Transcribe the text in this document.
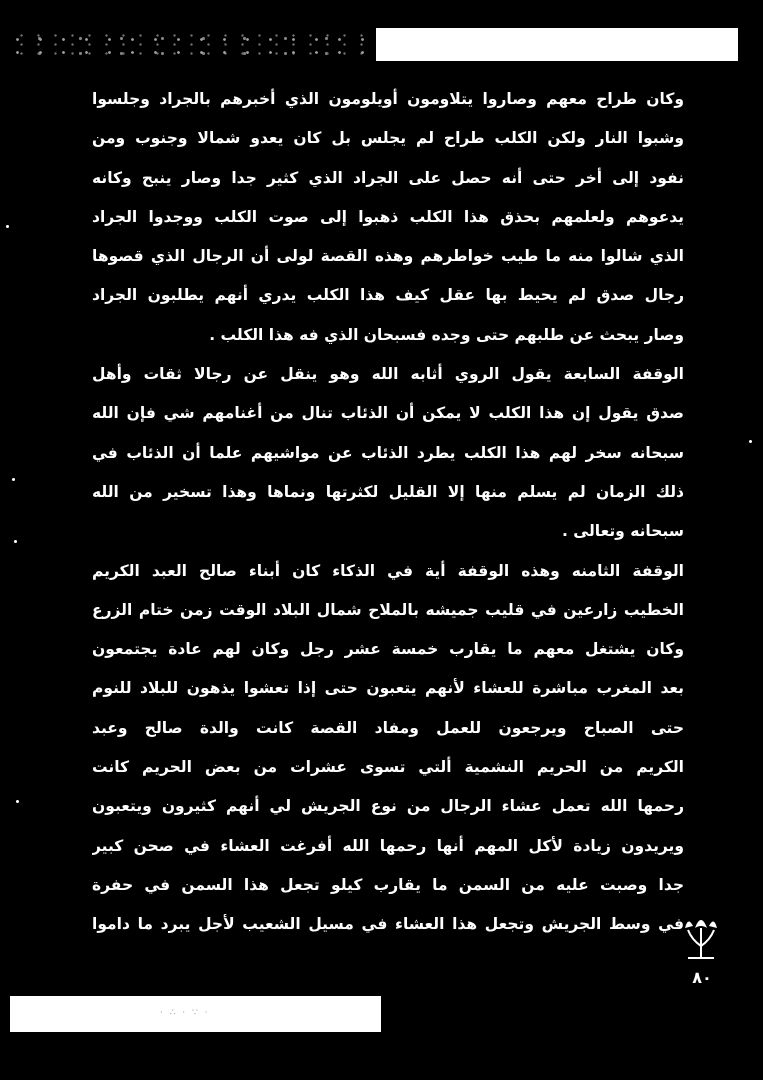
وكان طراح معهم وصاروا يتلاومون أويلومون الذي أخبرهم بالجراد وجلسوا
وشبوا النار ولكن الكلب طراح لم يجلس بل كان يعدو شمالا وجنوب ومن
نفود إلى أخر حتى أنه حصل على الجراد الذي كثير جدا وصار ينبح وكانه
يدعوهم ولعلمهم بحذق هذا الكلب ذهبوا إلى صوت الكلب ووجدوا الجراد
الذي شالوا منه ما طيب خواطرهم وهذه القصة لولى أن الرجال الذي قصوها
رجال صدق لم يحيط بها عقل كيف هذا الكلب يدري أنهم يطلبون الجراد
وصار يبحث عن طلبهم حتى وجده فسبحان الذي فه هذا الكلب .
الوقفة السابعة يقول الروي أثابه الله وهو ينقل عن رجالا ثقات وأهل
صدق يقول إن هذا الكلب لا يمكن أن الذئاب تنال من أغنامهم شي فإن الله
سبحانه سخر لهم هذا الكلب يطرد الذئاب عن مواشيهم علما أن الذئاب في
ذلك الزمان لم يسلم منها إلا القليل لكثرتها ونماها وهذا تسخير من الله
سبحانه وتعالى .
الوقفة الثامنه وهذه الوقفة أية في الذكاء كان أبناء صالح العبد الكريم
الخطيب زارعين في قليب جميشه بالملاح شمال البلاد الوقت زمن ختام الزرع
وكان يشتغل معهم ما يقارب خمسة عشر رجل وكان لهم عادة يجتمعون
بعد المغرب مباشرة للعشاء لأنهم يتعبون حتى إذا تعشوا يذهون للبلاد للنوم
حتى الصباح ويرجعون للعمل ومفاد القصة كانت والدة صالح وعبد
الكريم من الحريم النشمية ألتي تسوى عشرات من بعض الحريم كانت
رحمها الله تعمل عشاء الرجال من نوع الجريش لي أنهم كثيرون ويتعبون
ويريدون زيادة لأكل المهم أنها رحمها الله أفرغت العشاء في صحن كبير
جدا وصبت عليه من السمن ما يقارب كيلو تجعل هذا السمن في حفرة
في وسط الجريش وتجعل هذا العشاء في مسيل الشعيب لأجل يبرد ما داموا
٨٠
· ∴ · ∵ ·
